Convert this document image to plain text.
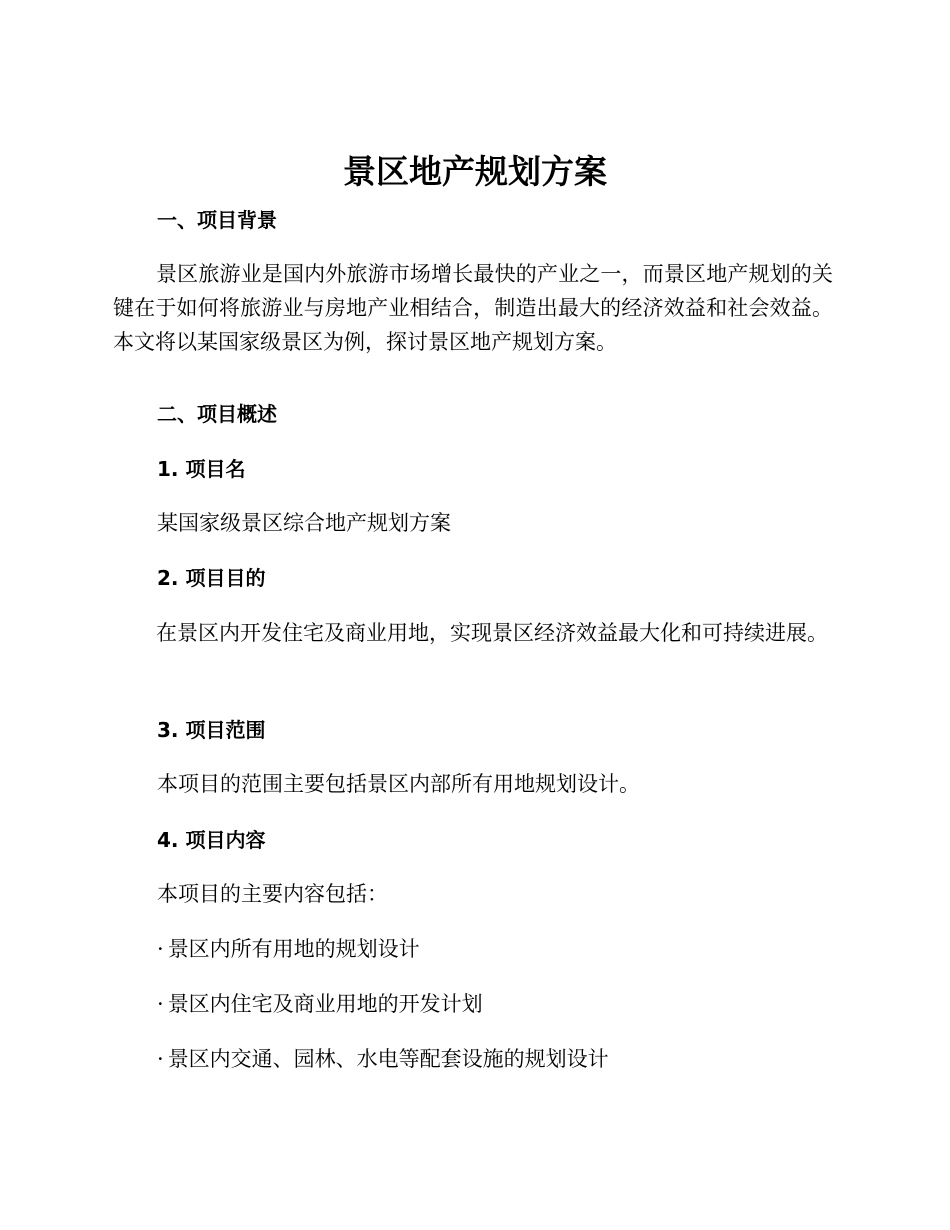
景区地产规划方案
一、项目背景

景区旅游业是国内外旅游市场增长最快的产业之一，而景区地产规划的关键在于如何将旅游业与房地产业相结合，制造出最大的经济效益和社会效益。本文将以某国家级景区为例，探讨景区地产规划方案。

二、项目概述
1. 项目名

某国家级景区综合地产规划方案

2. 项目目的

在景区内开发住宅及商业用地，实现景区经济效益最大化和可持续进展。

3. 项目范围

本项目的范围主要包括景区内部所有用地规划设计。

4. 项目内容

本项目的主要内容包括：

· 景区内所有用地的规划设计

· 景区内住宅及商业用地的开发计划

· 景区内交通、园林、水电等配套设施的规划设计
